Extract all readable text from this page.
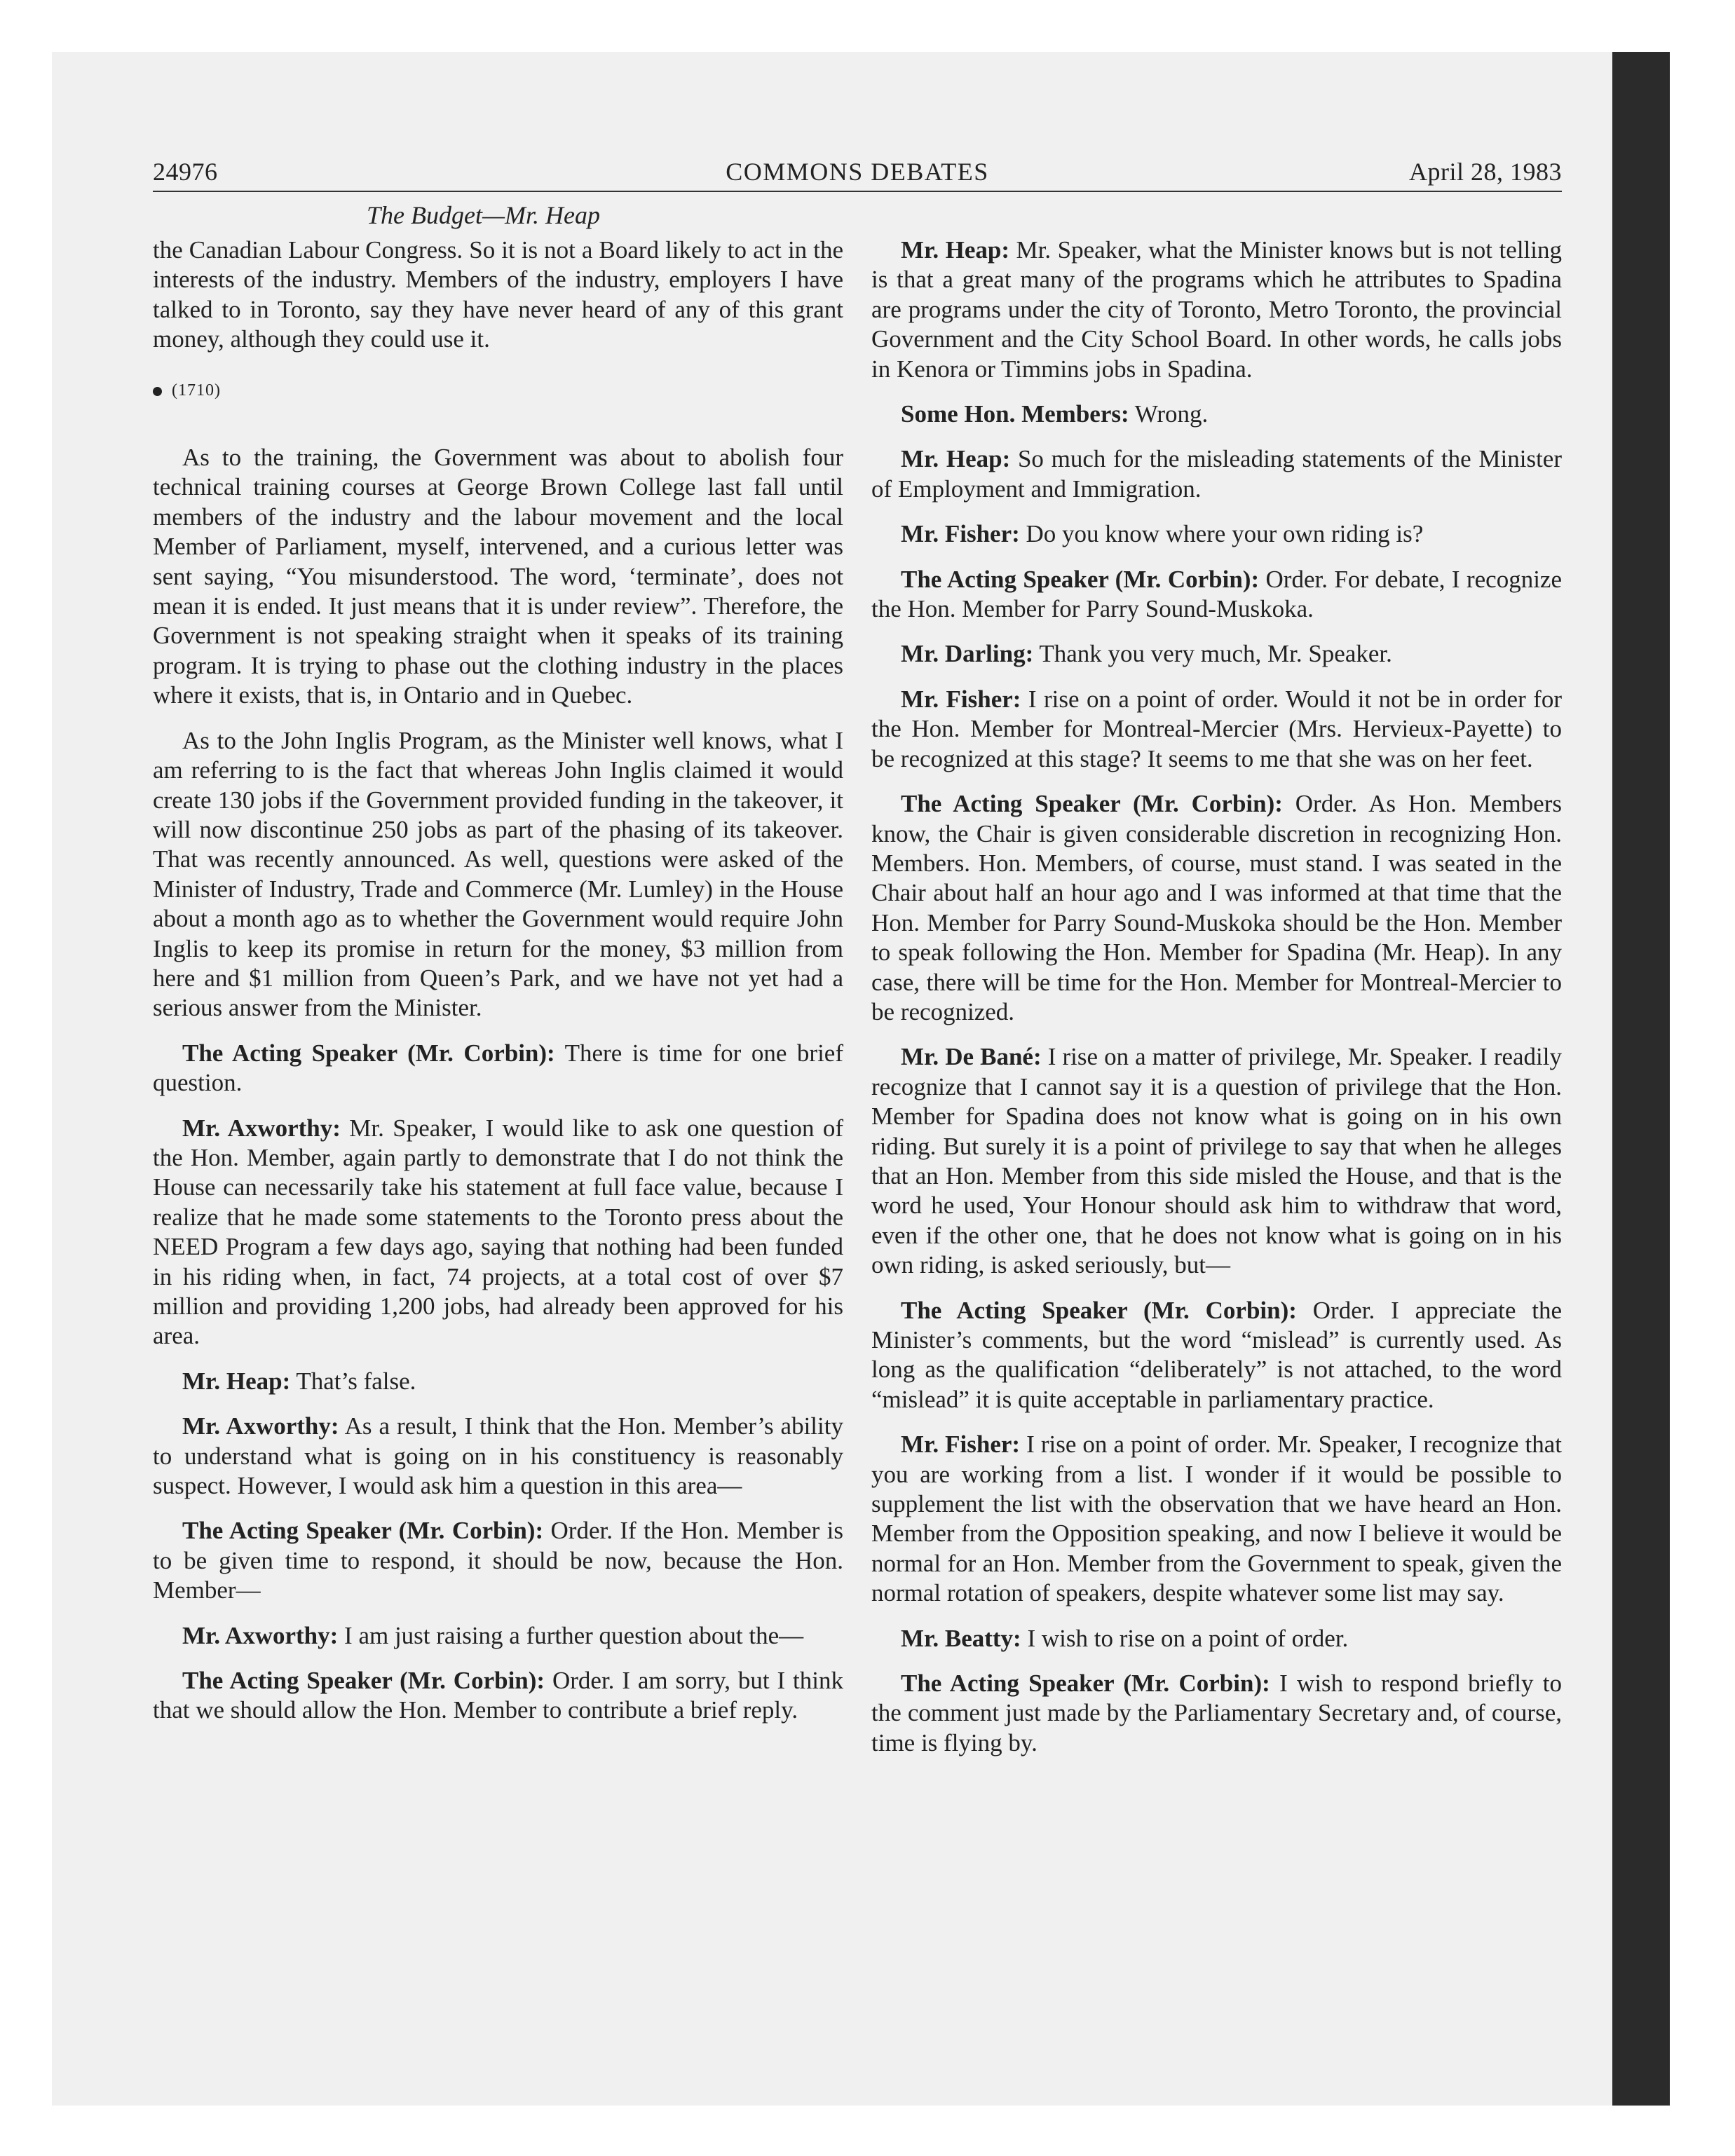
24976	COMMONS DEBATES	April 28, 1983
The Budget—Mr. Heap

the Canadian Labour Congress. So it is not a Board likely to act in the interests of the industry. Members of the industry, employers I have talked to in Toronto, say they have never heard of any of this grant money, although they could use it.

(1710)

As to the training, the Government was about to abolish four technical training courses at George Brown College last fall until members of the industry and the labour movement and the local Member of Parliament, myself, intervened, and a curious letter was sent saying, “You misunderstood. The word, ‘terminate’, does not mean it is ended. It just means that it is under review”. Therefore, the Government is not speaking straight when it speaks of its training program. It is trying to phase out the clothing industry in the places where it exists, that is, in Ontario and in Quebec.

As to the John Inglis Program, as the Minister well knows, what I am referring to is the fact that whereas John Inglis claimed it would create 130 jobs if the Government provided funding in the takeover, it will now discontinue 250 jobs as part of the phasing of its takeover. That was recently announced. As well, questions were asked of the Minister of Industry, Trade and Commerce (Mr. Lumley) in the House about a month ago as to whether the Government would require John Inglis to keep its promise in return for the money, $3 million from here and $1 million from Queen’s Park, and we have not yet had a serious answer from the Minister.

The Acting Speaker (Mr. Corbin): There is time for one brief question.

Mr. Axworthy: Mr. Speaker, I would like to ask one question of the Hon. Member, again partly to demonstrate that I do not think the House can necessarily take his statement at full face value, because I realize that he made some statements to the Toronto press about the NEED Program a few days ago, saying that nothing had been funded in his riding when, in fact, 74 projects, at a total cost of over $7 million and providing 1,200 jobs, had already been approved for his area.

Mr. Heap: That’s false.

Mr. Axworthy: As a result, I think that the Hon. Member’s ability to understand what is going on in his constituency is reasonably suspect. However, I would ask him a question in this area—

The Acting Speaker (Mr. Corbin): Order. If the Hon. Member is to be given time to respond, it should be now, because the Hon. Member—

Mr. Axworthy: I am just raising a further question about the—

The Acting Speaker (Mr. Corbin): Order. I am sorry, but I think that we should allow the Hon. Member to contribute a brief reply.

Mr. Heap: Mr. Speaker, what the Minister knows but is not telling is that a great many of the programs which he attributes to Spadina are programs under the city of Toronto, Metro Toronto, the provincial Government and the City School Board. In other words, he calls jobs in Kenora or Timmins jobs in Spadina.

Some Hon. Members: Wrong.

Mr. Heap: So much for the misleading statements of the Minister of Employment and Immigration.

Mr. Fisher: Do you know where your own riding is?

The Acting Speaker (Mr. Corbin): Order. For debate, I recognize the Hon. Member for Parry Sound-Muskoka.

Mr. Darling: Thank you very much, Mr. Speaker.

Mr. Fisher: I rise on a point of order. Would it not be in order for the Hon. Member for Montreal-Mercier (Mrs. Hervieux-Payette) to be recognized at this stage? It seems to me that she was on her feet.

The Acting Speaker (Mr. Corbin): Order. As Hon. Members know, the Chair is given considerable discretion in recognizing Hon. Members. Hon. Members, of course, must stand. I was seated in the Chair about half an hour ago and I was informed at that time that the Hon. Member for Parry Sound-Muskoka should be the Hon. Member to speak following the Hon. Member for Spadina (Mr. Heap). In any case, there will be time for the Hon. Member for Montreal-Mercier to be recognized.

Mr. De Bané: I rise on a matter of privilege, Mr. Speaker. I readily recognize that I cannot say it is a question of privilege that the Hon. Member for Spadina does not know what is going on in his own riding. But surely it is a point of privilege to say that when he alleges that an Hon. Member from this side misled the House, and that is the word he used, Your Honour should ask him to withdraw that word, even if the other one, that he does not know what is going on in his own riding, is asked seriously, but—

The Acting Speaker (Mr. Corbin): Order. I appreciate the Minister’s comments, but the word “mislead” is currently used. As long as the qualification “deliberately” is not attached, to the word “mislead” it is quite acceptable in parliamentary practice.

Mr. Fisher: I rise on a point of order. Mr. Speaker, I recognize that you are working from a list. I wonder if it would be possible to supplement the list with the observation that we have heard an Hon. Member from the Opposition speaking, and now I believe it would be normal for an Hon. Member from the Government to speak, given the normal rotation of speakers, despite whatever some list may say.

Mr. Beatty: I wish to rise on a point of order.

The Acting Speaker (Mr. Corbin): I wish to respond briefly to the comment just made by the Parliamentary Secretary and, of course, time is flying by.
